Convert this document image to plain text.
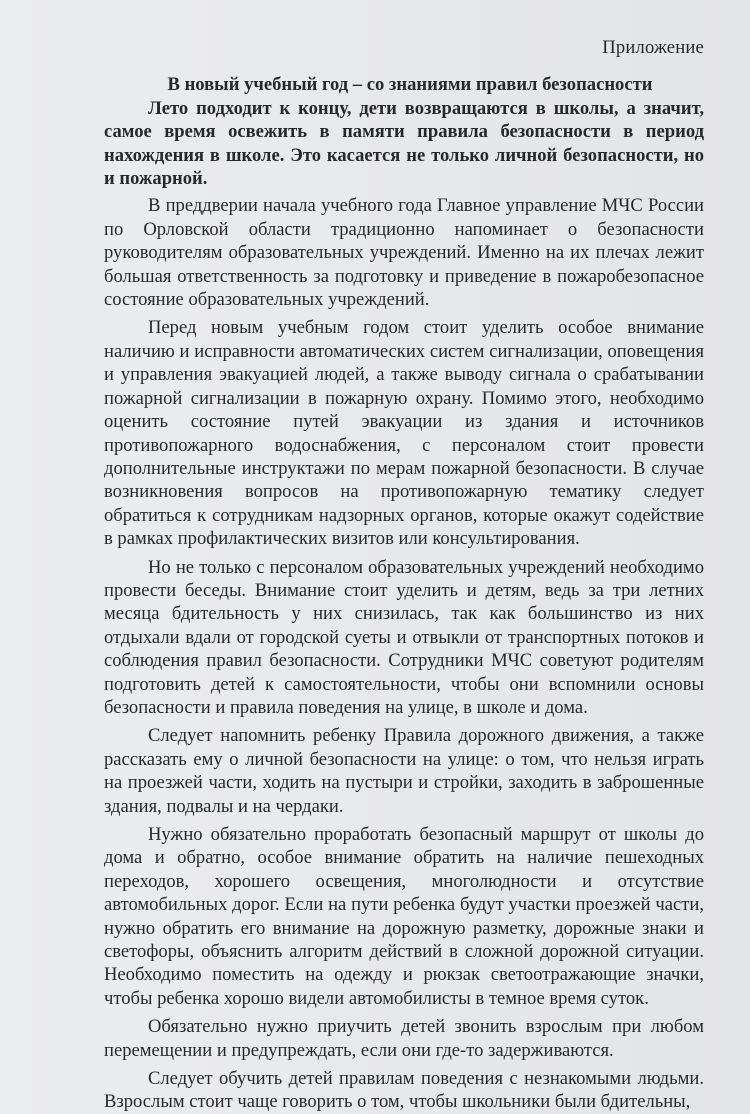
Приложение
В новый учебный год – со знаниями правил безопасности
Лето подходит к концу, дети возвращаются в школы, а значит, самое время освежить в памяти правила безопасности в период нахождения в школе. Это касается не только личной безопасности, но и пожарной.
В преддверии начала учебного года Главное управление МЧС России по Орловской области традиционно напоминает о безопасности руководителям образовательных учреждений. Именно на их плечах лежит большая ответственность за подготовку и приведение в пожаробезопасное состояние образовательных учреждений.
Перед новым учебным годом стоит уделить особое внимание наличию и исправности автоматических систем сигнализации, оповещения и управления эвакуацией людей, а также выводу сигнала о срабатывании пожарной сигнализации в пожарную охрану. Помимо этого, необходимо оценить состояние путей эвакуации из здания и источников противопожарного водоснабжения, с персоналом стоит провести дополнительные инструктажи по мерам пожарной безопасности. В случае возникновения вопросов на противопожарную тематику следует обратиться к сотрудникам надзорных органов, которые окажут содействие в рамках профилактических визитов или консультирования.
Но не только с персоналом образовательных учреждений необходимо провести беседы. Внимание стоит уделить и детям, ведь за три летних месяца бдительность у них снизилась, так как большинство из них отдыхали вдали от городской суеты и отвыкли от транспортных потоков и соблюдения правил безопасности. Сотрудники МЧС советуют родителям подготовить детей к самостоятельности, чтобы они вспомнили основы безопасности и правила поведения на улице, в школе и дома.
Следует напомнить ребенку Правила дорожного движения, а также рассказать ему о личной безопасности на улице: о том, что нельзя играть на проезжей части, ходить на пустыри и стройки, заходить в заброшенные здания, подвалы и на чердаки.
Нужно обязательно проработать безопасный маршрут от школы до дома и обратно, особое внимание обратить на наличие пешеходных переходов, хорошего освещения, многолюдности и отсутствие автомобильных дорог. Если на пути ребенка будут участки проезжей части, нужно обратить его внимание на дорожную разметку, дорожные знаки и светофоры, объяснить алгоритм действий в сложной дорожной ситуации. Необходимо поместить на одежду и рюкзак светоотражающие значки, чтобы ребенка хорошо видели автомобилисты в темное время суток.
Обязательно нужно приучить детей звонить взрослым при любом перемещении и предупреждать, если они где-то задерживаются.
Следует обучить детей правилам поведения с незнакомыми людьми. Взрослым стоит чаще говорить о том, чтобы школьники были бдительны,
